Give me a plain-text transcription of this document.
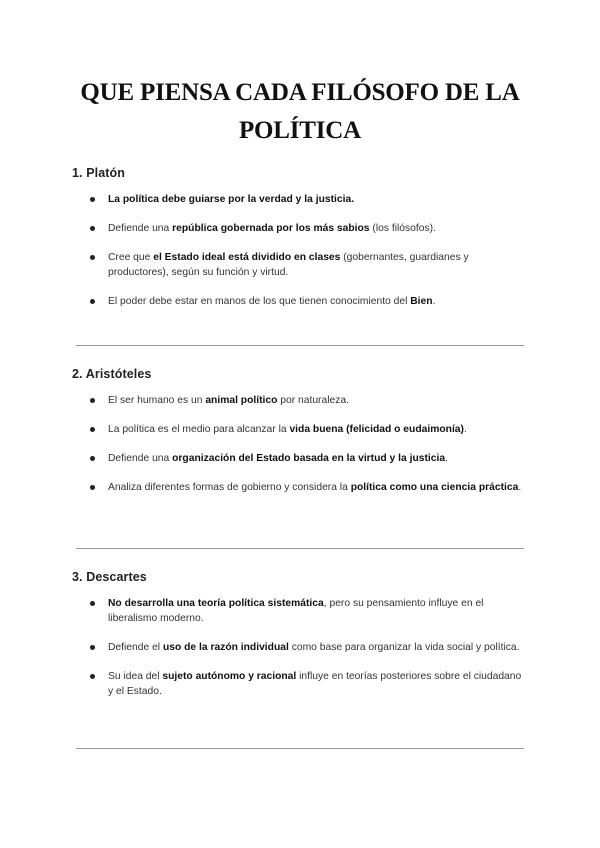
QUE PIENSA CADA FILÓSOFO DE LA POLÍTICA
1. Platón
La política debe guiarse por la verdad y la justicia.
Defiende una república gobernada por los más sabios (los filósofos).
Cree que el Estado ideal está dividido en clases (gobernantes, guardianes y productores), según su función y virtud.
El poder debe estar en manos de los que tienen conocimiento del Bien.
2. Aristóteles
El ser humano es un animal político por naturaleza.
La política es el medio para alcanzar la vida buena (felicidad o eudaimonía).
Defiende una organización del Estado basada en la virtud y la justicia.
Analiza diferentes formas de gobierno y considera la política como una ciencia práctica.
3. Descartes
No desarrolla una teoría política sistemática, pero su pensamiento influye en el liberalismo moderno.
Defiende el uso de la razón individual como base para organizar la vida social y política.
Su idea del sujeto autónomo y racional influye en teorías posteriores sobre el ciudadano y el Estado.
